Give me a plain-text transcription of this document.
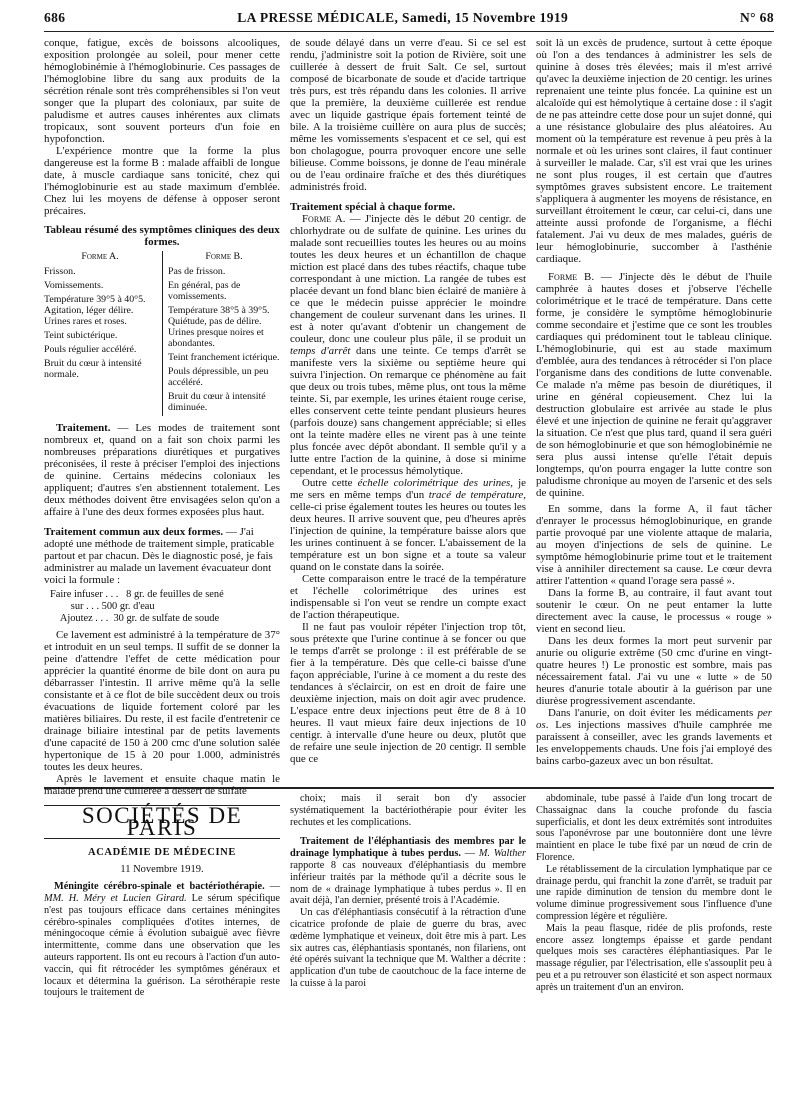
686	LA PRESSE MÉDICALE, Samedi, 15 Novembre 1919	N° 68

conque, fatigue, excès de boissons alcooliques, exposition prolongée au soleil, pour mener cette hémoglobinémie à l'hémoglobinurie. Ces passages de l'hémoglobine libre du sang aux produits de la sécrétion rénale sont très compréhensibles si l'on veut songer que la plupart des coloniaux, par suite de paludisme et autres causes inhérentes aux climats tropicaux, sont souvent porteurs d'un foie en hypofonction.

L'expérience montre que la forme la plus dangereuse est la forme B : malade affaibli de longue date, à muscle cardiaque sans tonicité, chez qui l'hémoglobinurie est au stade maximum d'emblée. Chez lui les moyens de défense à opposer seront précaires.

Tableau résumé des symptômes cliniques des deux formes.
Forme A.
Frisson.
Vomissements.
Température 39°5 à 40°5. Agitation, léger délire. Urines rares et roses.
Teint subictérique.
Pouls régulier accéléré.
Bruit du cœur à intensité normale.
Forme B.
Pas de frisson.
En général, pas de vomissements.
Température 38°5 à 39°5. Quiétude, pas de délire. Urines presque noires et abondantes.
Teint franchement ictérique.
Pouls dépressible, un peu accéléré.
Bruit du cœur à intensité diminuée.

Traitement. — Les modes de traitement sont nombreux et, quand on a fait son choix parmi les nombreuses préparations diurétiques et purgatives préconisées, il reste à préciser l'emploi des injections de quinine. Certains médecins coloniaux les appliquent; d'autres s'en abstiennent totalement. Les deux méthodes doivent être envisagées selon qu'on a affaire à l'une des deux formes exposées plus haut.

Traitement commun aux deux formes. — J'ai adopté une méthode de traitement simple, praticable partout et par chacun. Dès le diagnostic posé, je fais administrer au malade un lavement évacuateur dont voici la formule :
Faire infuser . . .   8 gr. de feuilles de sené
sur . . . 500 gr. d'eau
Ajoutez . . .  30 gr. de sulfate de soude

Ce lavement est administré à la température de 37° et introduit en un seul temps. Il suffit de se donner la peine d'attendre l'effet de cette médication pour apprécier la quantité énorme de bile dont on aura pu débarrasser l'intestin. Il arrive même qu'à la selle consistante et à ce flot de bile succèdent deux ou trois évacuations de liquide fortement coloré par les matières biliaires. Du reste, il est facile d'entretenir ce drainage biliaire intestinal par de petits lavements d'une capacité de 150 à 200 cmc d'une solution salée hypertonique de 15 à 20 pour 1.000, administrés toutes les deux heures.

Après le lavement et ensuite chaque matin le malade prend une cuillerée à dessert de sulfate

de soude délayé dans un verre d'eau. Si ce sel est rendu, j'administre soit la potion de Rivière, soit une cuillerée à dessert de fruit Salt. Ce sel, surtout composé de bicarbonate de soude et d'acide tartrique très purs, est très répandu dans les colonies. Il arrive que la première, la deuxième cuillerée est rendue avec un liquide gastrique épais fortement teinté de bile. A la troisième cuillère on aura plus de succès; même les vomissements s'espacent et ce sel, qui est bon cholagogue, pourra provoquer encore une selle bilieuse. Comme boissons, je donne de l'eau minérale ou de l'eau ordinaire fraîche et des thés diurétiques administrés froid.

Traitement spécial à chaque forme.

Forme A. — J'injecte dès le début 20 centigr. de chlorhydrate ou de sulfate de quinine. Les urines du malade sont recueillies toutes les heures ou au moins toutes les deux heures et un échantillon de chaque miction est placé dans des tubes réactifs, chaque tube correspondant à une miction. La rangée de tubes est placée devant un fond blanc bien éclairé de manière à ce que le médecin puisse apprécier le moindre changement de couleur survenant dans les urines. Il est à noter qu'avant d'obtenir un changement de couleur, donc une couleur plus pâle, il se produit un temps d'arrêt dans une teinte. Ce temps d'arrêt se manifeste vers la sixième ou septième heure qui suivra l'injection. On remarque ce phénomène au fait que deux ou trois tubes, même plus, ont tous la même teinte. Si, par exemple, les urines étaient rouge cerise, elles conservent cette teinte pendant plusieurs heures (parfois douze) sans changement appréciable; si elles ont la teinte madère elles ne virent pas à une teinte plus foncée avec dépôt abondant. Il semble qu'il y a lutte entre l'action de la quinine, à dose si minime cependant, et le processus hémolytique.

Outre cette échelle colorimétrique des urines, je me sers en même temps d'un tracé de température, celle-ci prise également toutes les heures ou toutes les deux heures. Il arrive souvent que, peu d'heures après l'injection de quinine, la température baisse alors que les urines continuent à se foncer. L'abaissement de la température est un bon signe et a toute sa valeur quand on le constate dans la soirée.

Cette comparaison entre le tracé de la température et l'échelle colorimétrique des urines est indispensable si l'on veut se rendre un compte exact de l'action thérapeutique.

Il ne faut pas vouloir répéter l'injection trop tôt, sous prétexte que l'urine continue à se foncer ou que le temps d'arrêt se prolonge : il est préférable de se fier à la température. Dès que celle-ci baisse d'une façon appréciable, l'urine à ce moment a du reste des tendances à s'éclaircir, on est en droit de faire une deuxième injection, mais on doit agir avec prudence. L'espace entre deux injections peut être de 8 à 10 heures. Il vaut mieux faire deux injections de 10 centigr. à intervalle d'une heure ou deux, plutôt que de refaire une seule injection de 20 centigr. Il semble que ce

soit là un excès de prudence, surtout à cette époque où l'on a des tendances à administrer les sels de quinine à doses très élevées; mais il m'est arrivé qu'avec la deuxième injection de 20 centigr. les urines reprenaient une teinte plus foncée. La quinine est un alcaloïde qui est hémolytique à certaine dose : il s'agit de ne pas atteindre cette dose pour un sujet donné, qui a une résistance globulaire des plus aléatoires. Au moment où la température est revenue à peu près à la normale et où les urines sont claires, il faut continuer à surveiller le malade. Car, s'il est vrai que les urines ne sont plus rouges, il est certain que d'autres symptômes graves subsistent encore. Le traitement s'appliquera à augmenter les moyens de résistance, en surveillant étroitement le cœur, car celui-ci, dans une atteinte aussi profonde de l'organisme, a fléchi fatalement. J'ai vu deux de mes malades, guéris de leur hémoglobinurie, succomber à l'asthénie cardiaque.

Forme B. — J'injecte dès le début de l'huile camphrée à hautes doses et j'observe l'échelle colorimétrique et le tracé de température. Dans cette forme, je considère le symptôme hémoglobinurie comme secondaire et j'estime que ce sont les troubles cardiaques qui prédominent tout le tableau clinique. L'hémoglobinurie, qui est au stade maximum d'emblée, aura des tendances à rétrocéder si l'on place l'organisme dans des conditions de lutte convenable. Ce malade n'a même pas besoin de diurétiques, il urine en général copieusement. Chez lui la destruction globulaire est arrivée au stade le plus élevé et une injection de quinine ne ferait qu'aggraver la situation. Ce n'est que plus tard, quand il sera guéri de son hémoglobinurie et que son hémoglobinémie ne sera plus aussi intense qu'elle l'était depuis longtemps, qu'on pourra engager la lutte contre son paludisme chronique au moyen de l'arsenic et des sels de quinine.

En somme, dans la forme A, il faut tâcher d'enrayer le processus hémoglobinurique, en grande partie provoqué par une violente attaque de malaria, au moyen d'injections de sels de quinine. Le symptôme hémoglobinurie prime tout et le traitement vise à annihiler directement sa cause. Le cœur devra attirer l'attention « quand l'orage sera passé ».

Dans la forme B, au contraire, il faut avant tout soutenir le cœur. On ne peut entamer la lutte directement avec la cause, le processus « rouge » vient en second lieu.

Dans les deux formes la mort peut survenir par anurie ou oligurie extrême (50 cmc d'urine en vingt-quatre heures !) Le pronostic est sombre, mais pas nécessairement fatal. J'ai vu une « lutte » de 50 heures d'anurie totale aboutir à la guérison par une diurèse progressivement ascendante.

Dans l'anurie, on doit éviter les médicaments per os. Les injections massives d'huile camphrée me paraissent à conseiller, avec les grands lavements et les enveloppements chauds. Une fois j'ai employé des bains carbo-gazeux avec un bon résultat.

SOCIÉTÉS DE PARIS
ACADÉMIE DE MÉDECINE
11 Novembre 1919.

Méningite cérébro-spinale et bactériothérapie. — MM. H. Méry et Lucien Girard. Le sérum spécifique n'est pas toujours efficace dans certaines méningites cérébro-spinales compliquées d'otites internes, de méningocoque cémie à évolution subaiguë avec fièvre intermittente, comme dans une observation que les auteurs rapportent. Ils ont eu recours à l'action d'un auto-vaccin, qui fit rétrocéder les symptômes généraux et locaux et détermina la guérison. La sérothérapie reste toujours le traitement de

choix; mais il serait bon d'y associer systématiquement la bactériothérapie pour éviter les rechutes et les complications.

Traitement de l'éléphantiasis des membres par le drainage lymphatique à tubes perdus. — M. Walther rapporte 8 cas nouveaux d'éléphantiasis du membre inférieur traités par la méthode qu'il a décrite sous le nom de « drainage lymphatique à tubes perdus ». Il en avait déjà, l'an dernier, présenté trois à l'Académie.

Un cas d'éléphantiasis consécutif à la rétraction d'une cicatrice profonde de plaie de guerre du bras, avec œdème lymphatique et veineux, doit être mis à part. Les six autres cas, éléphantiasis spontanés, non filariens, ont été opérés suivant la technique que M. Walther a décrite : application d'un tube de caoutchouc de la face interne de la cuisse à la paroi

abdominale, tube passé à l'aide d'un long trocart de Chassaignac dans la couche profonde du fascia superficialis, et dont les deux extrémités sont introduites sous l'aponévrose par une boutonnière dont une lèvre maintient en place le tube fixé par un nœud de crin de Florence.

Le rétablissement de la circulation lymphatique par ce drainage perdu, qui franchit la zone d'arrêt, se traduit par une rapide diminution de tension du membre dont le volume diminue progressivement sous l'influence d'une compression légère et régulière.

Mais la peau flasque, ridée de plis profonds, reste encore assez longtemps épaisse et garde pendant quelques mois ses caractères éléphantiasiques. Par le massage régulier, par l'électrisation, elle s'assouplit peu à peu et a pu retrouver son élasticité et son aspect normaux après un traitement d'un an environ.
